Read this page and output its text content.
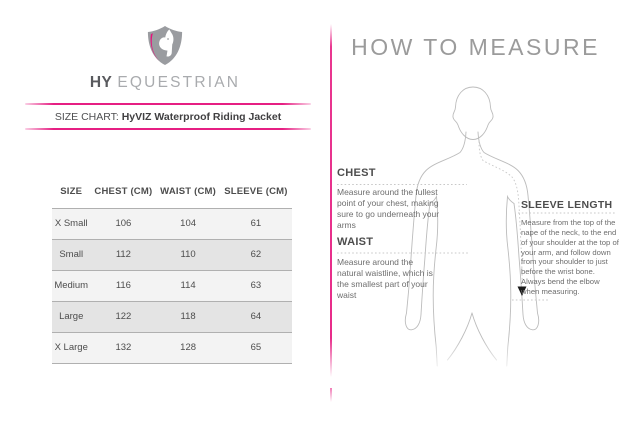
HY EQUESTRIAN
SIZE CHART: HyVIZ Waterproof Riding Jacket
SIZE	CHEST (CM)	WAIST (CM)	SLEEVE (CM)
X Small	106	104	61
Small	112	110	62
Medium	116	114	63
Large	122	118	64
X Large	132	128	65
HOW TO MEASURE
CHEST

Measure around the fullest point of your chest, making sure to go underneath your arms

WAIST

Measure around the natural waistline, which is the smallest part of your waist

SLEEVE LENGTH

Measure from the top of the nape of the neck, to the end of your shoulder at the top of your arm, and follow down from your shoulder to just before the wrist bone. Always bend the elbow when measuring.
